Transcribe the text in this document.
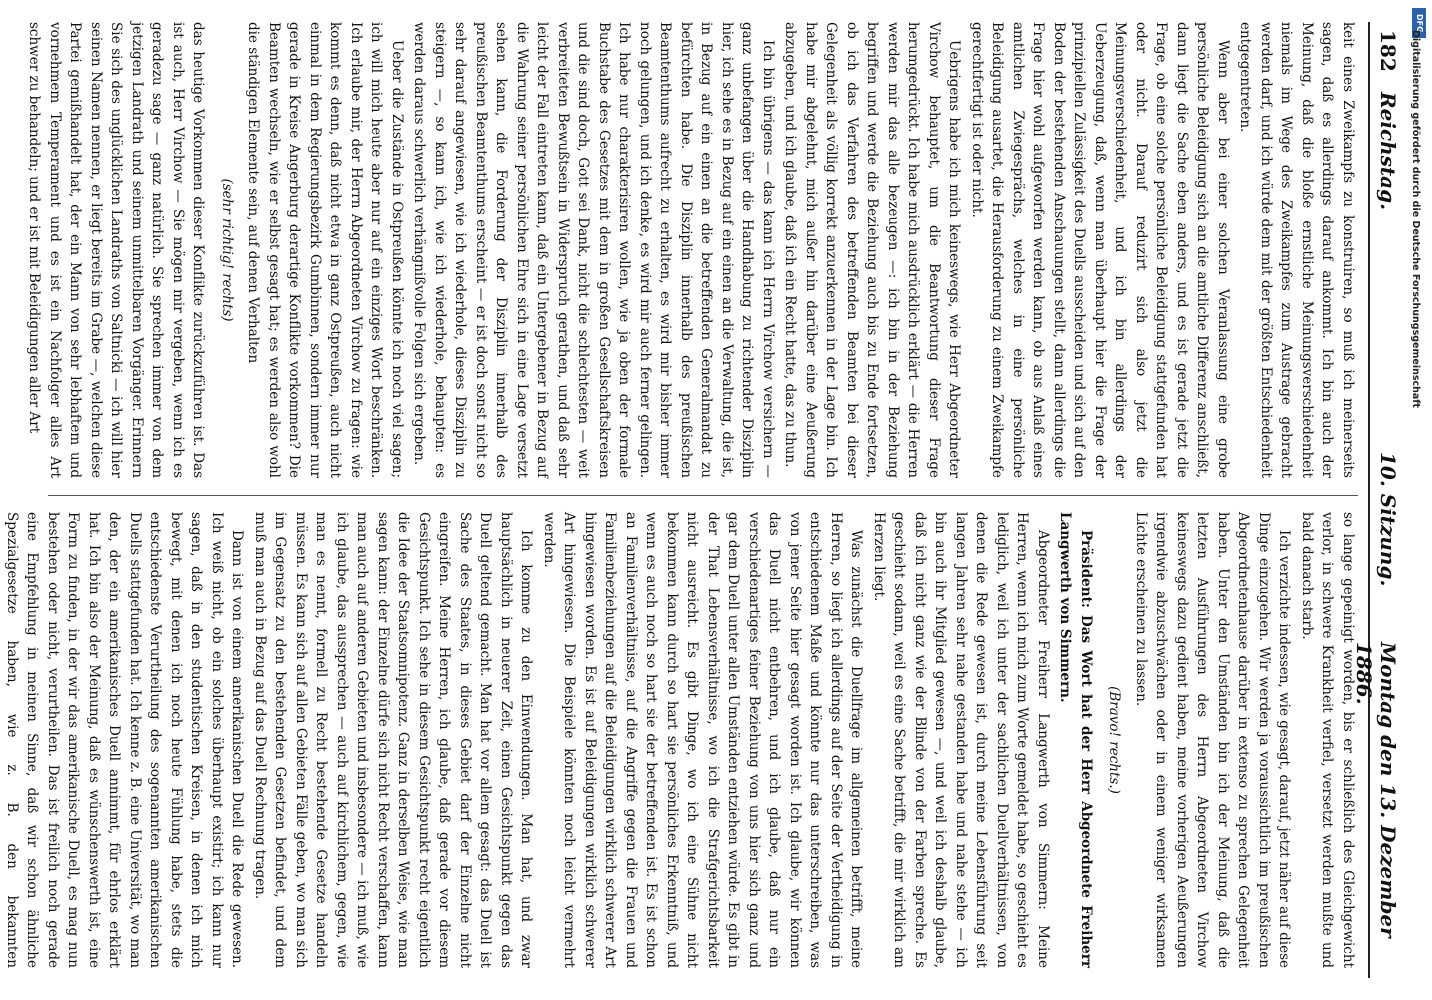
182
Reichstag.
10. Sitzung.
Montag den 13. Dezember 1886.

keit eines Zweikampfs zu konstruiren, so muß ich meinerseits sagen, daß es allerdings darauf ankommt. Ich bin auch der Meinung, daß die bloße ernstliche Meinungsverschiedenheit niemals im Wege des Zweikampfes zum Austrage gebracht werden darf, und ich würde dem mit der größten Entschiedenheit entgegentreten.

Wenn aber bei einer solchen Veranlassung eine grobe persönliche Beleidigung sich an die amtliche Differenz anschließt, dann liegt die Sache eben anders, und es ist gerade jetzt die Frage, ob eine solche persönliche Beleidigung stattgefunden hat oder nicht. Darauf reduzirt sich also jetzt die Meinungsverschiedenheit, und ich bin allerdings der Ueberzeugung, daß, wenn man überhaupt hier die Frage der prinzipiellen Zulässigkeit des Duells ausscheiden und sich auf den Boden der bestehenden Anschauungen stellt, dann allerdings die Frage hier wohl aufgeworfen werden kann, ob aus Anlaß eines amtlichen Zwiegesprächs, welches in eine persönliche Beleidigung ausartet, die Herausforderung zu einem Zweikampfe gerechtfertigt ist oder nicht.

Uebrigens habe ich mich keineswegs, wie Herr Abgeordneter Virchow behauptet, um die Beantwortung dieser Frage herumgedrückt. Ich habe mich ausdrücklich erklärt — die Herren werden mir das alle bezeugen —: ich bin in der Beziehung begriffen und werde die Beziehung auch bis zu Ende fortsetzen, ob ich das Verfahren des betreffenden Beamten bei dieser Gelegenheit als völlig korrekt anzuerkennen in der Lage bin. Ich habe mir abgelehnt, mich außer hin darüber eine Aeußerung abzugeben, und ich glaube, daß ich ein Recht hatte, das zu thun.

Ich bin übrigens — das kann ich Herrn Virchow versichern — ganz unbefangen über die Handhabung zu richtender Disziplin hier, ich sehe es in Bezug auf ein einen an die Verwaltung, die ist, in Bezug auf ein einen an die betreffenden Generalmandat zu befürchten habe. Die Disziplin innerhalb des preußischen Beamtenthums aufrecht zu erhalten, es wird mir bisher immer noch gelungen, und ich denke, es wird mir auch ferner gelingen. Ich habe nur charakterisiren wollen, wie ja oben der formale Buchstabe des Gesetzes mit dem in großen Gesellschaftskreisen und die sind doch, Gott sei Dank, nicht die schlechtesten — weit verbreiteten Bewußtsein in Widerspruch gerathen, und daß sehr leicht der Fall eintreten kann, daß ein Untergebener in Bezug auf die Wahrung seiner persönlichen Ehre sich in eine Lage versetzt sehen kann, die Forderung der Disziplin innerhalb des preußischen Beamtenthums erscheint — er ist doch sonst nicht so sehr darauf angewiesen, wie ich wiederhole, dieses Disziplin zu steigern —, so kann ich, wie ich wiederhole, behaupten: es werden daraus schwerlich verhängnißvolle Folgen sich ergeben.

Ueber die Zustände in Ostpreußen könnte ich noch viel sagen; ich will mich heute aber nur auf ein einziges Wort beschränken. Ich erlaube mir, der Herrn Abgeordneten Virchow zu fragen: wie kommt es denn, daß nicht etwa in ganz Ostpreußen, auch nicht einmal in dem Regierungsbezirk Gumbinnen, sondern immer nur gerade in Kreise Angerburg derartige Konflikte vorkommen? Die Beamten wechseln, wie er selbst gesagt hat; es werden also wohl die ständigen Elemente sein, auf denen Verhalten

(sehr richtig! rechts)

das heutige Vorkommen dieser Konflikte zurückzuführen ist. Das ist auch, Herr Virchow — Sie mögen mir vergeben, wenn ich es geradezu sage — ganz natürlich. Sie sprechen immer von dem jetzigen Landrath und seinem unmittelbaren Vorgänger. Erinnern Sie sich des unglücklichen Landraths von Saltnicki — ich will hier seinen Namen nennen, er liegt bereits im Grabe —, welchen diese Partei gemißhandelt hat, der ein Mann von sehr lebhaftem und vornehmem Temperament und es ist ein Nachfolger alles Art schwer zu behandeln; und er ist mit Beleidigungen aller Art

so lange gepeinigt worden, bis er schließlich des Gleichgewicht verlor, in schwere Krankheit verfiel, versetzt werden mußte und bald danach starb.

Ich verzichte indessen, wie gesagt, darauf, jetzt näher auf diese Dinge einzugehen. Wir werden ja voraussichtlich im preußischen Abgeordnetenhause darüber in extenso zu sprechen Gelegenheit haben. Unter den Umständen bin ich der Meinung, daß die letzten Ausführungen des Herrn Abgeordneten Virchow keineswegs dazu gedient haben, meine vorherigen Aeußerungen irgendwie abzuschwächen oder in einem weniger wirksamen Lichte erscheinen zu lassen.

(Bravo! rechts.)

Präsident: Das Wort hat der Herr Abgeordnete Freiherr Langwerth von Simmern.

Abgeordneter Freiherr Langwerth von Simmern: Meine Herren, wenn ich mich zum Worte gemeldet habe, so geschieht es lediglich, weil ich unter der sachlichen Duellverhältnissen, von denen die Rede gewesen ist, durch meine Lebensführung seit langen Jahren sehr nahe gestanden habe und nahe stehe — ich bin auch ihr Mitglied gewesen —, und weil ich deshalb glaube, daß ich nicht ganz wie der Blinde von der Farben spreche. Es geschieht sodann, weil es eine Sache betrifft, die mir wirklich am Herzen liegt.

Was zunächst die Duellfrage im allgemeinen betrifft, meine Herren, so liegt ich allerdings auf der Seite der Vertheidigung in entschiedenem Maße und könnte nur das unterschreiben, was von jener Seite hier gesagt worden ist. Ich glaube, wir können das Duell nicht entbehren, und ich glaube, daß nur ein verschiedenartiges feiner Beziehung von uns hier sich ganz und gar dem Duell unter allen Umständen entziehen würde. Es gibt in der That Lebensverhältnisse, wo ich die Strafgerichtsbarkeit nicht ausreicht. Es gibt Dinge, wo ich eine Sühne nicht bekommen kann durch so hart sie persönliches Erkenntniß, und wenn es auch noch so hart sie der betreffenden ist. Es ist schon an Familienverhältnisse, auf die Angriffe gegen die Frauen und Familienbeziehungen auf die Beleidigungen wirklich schwerer Art hingewiesen worden. Es ist auf Beleidigungen wirklich schwerer Art hingewiesen. Die Beispiele könnten noch leicht vermehrt werden.

Ich komme zu den Einwendungen. Man hat, und zwar hauptsächlich in neuerer Zeit, einen Gesichtspunkt gegen das Duell geltend gemacht. Man hat vor allem gesagt: das Duell ist Sache des Staates, in dieses Gebiet darf der Einzelne nicht eingreifen. Meine Herren, ich glaube, daß gerade vor diesem Gesichtspunkt. Ich sehe in diesem Gesichtspunkt recht eigentlich die Idee der Staatsomnipotenz. Ganz in derselben Weise, wie man sagen kann: der Einzelne dürfe sich nicht Recht verschaffen, kann man auch auf anderen Gebieten und insbesondere — ich muß, wie ich glaube, das aussprechen — auch auf kirchlichem, gegen, wie man es nennt, formell zu Recht bestehende Gesetze handeln müssen. Es kann sich auf allen Gebieten Fälle geben, wo man sich im Gegensatz zu den bestehenden Gesetzen befindet, und dem muß man auch in Bezug auf das Duell Rechnung tragen.

Dann ist von einem amerikanischen Duell die Rede gewesen. Ich weiß nicht, ob ein solches überhaupt existirt; ich kann nur sagen, daß in den studentischen Kreisen, in denen ich mich bewegt, mit denen ich noch heute Fühlung habe, stets die entschiedenste Verurtheilung des sogenannten amerikanischen Duells stattgefunden hat. Ich kenne z. B. eine Universität, wo man den, der ein amerikanisches Duell annimmt, für ehrlos erklärt hat. Ich bin also der Meinung, daß es wünschenswerth ist, eine Form zu finden, in der wir das amerikanische Duell, es mag nun bestehen oder nicht, verurtheilen. Das ist freilich noch gerade eine Empfehlung in meinen Sinne, daß wir schon ähnliche Spezialgesetze haben, wie z. B. den bekannten

DFG
Digitalisierung gefördert durch die Deutsche Forschungsgemeinschaft
